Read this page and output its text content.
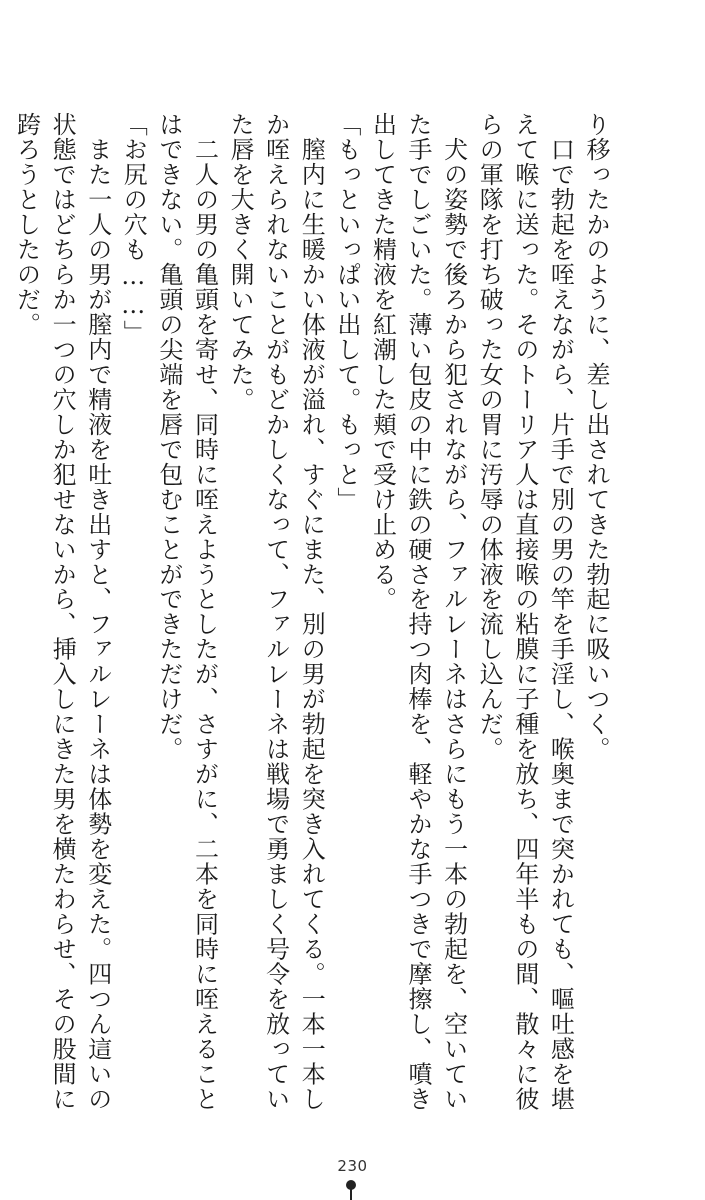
り移ったかのように、差し出されてきた勃起に吸いつく。
　口で勃起を咥えながら、片手で別の男の竿を手淫し、喉奥まで突かれても、嘔吐感を堪
えて喉に送った。そのトーリア人は直接喉の粘膜に子種を放ち、四年半もの間、散々に彼
らの軍隊を打ち破った女の胃に汚辱の体液を流し込んだ。
　犬の姿勢で後ろから犯されながら、ファルレーネはさらにもう一本の勃起を、空いてい
た手でしごいた。薄い包皮の中に鉄の硬さを持つ肉棒を、軽やかな手つきで摩擦し、噴き
出してきた精液を紅潮した頬で受け止める。
「もっといっぱい出して。もっと」
　膣内に生暖かい体液が溢れ、すぐにまた、別の男が勃起を突き入れてくる。一本一本し
か咥えられないことがもどかしくなって、ファルレーネは戦場で勇ましく号令を放ってい
た唇を大きく開いてみた。
　二人の男の亀頭を寄せ、同時に咥えようとしたが、さすがに、二本を同時に咥えること
はできない。亀頭の尖端を唇で包むことができただけだ。
「お尻の穴も……」
　また一人の男が膣内で精液を吐き出すと、ファルレーネは体勢を変えた。四つん這いの
状態ではどちらか一つの穴しか犯せないから、挿入しにきた男を横たわらせ、その股間に
跨ろうとしたのだ。
230
